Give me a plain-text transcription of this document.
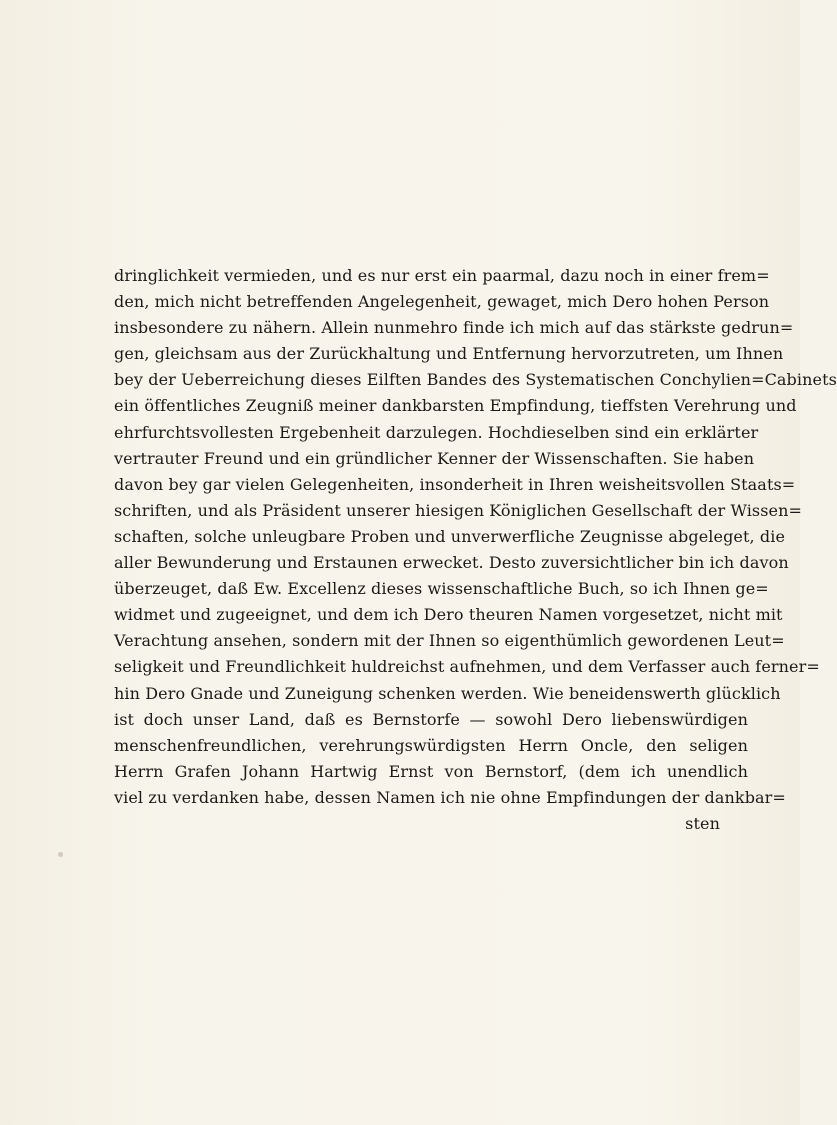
dringlichkeit vermieden, und es nur erst ein paarmal, dazu noch in einer frem=
den, mich nicht betreffenden Angelegenheit, gewaget, mich Dero hohen Person
insbesondere zu nähern. Allein nunmehro finde ich mich auf das stärkste gedrun=
gen, gleichsam aus der Zurückhaltung und Entfernung hervorzutreten, um Ihnen
bey der Ueberreichung dieses Eilften Bandes des Systematischen Conchylien=Cabinets
ein öffentliches Zeugniß meiner dankbarsten Empfindung, tieffsten Verehrung und
ehrfurchtsvollesten Ergebenheit darzulegen. Hochdieselben sind ein erklärter
vertrauter Freund und ein gründlicher Kenner der Wissenschaften. Sie haben
davon bey gar vielen Gelegenheiten, insonderheit in Ihren weisheitsvollen Staats=
schriften, und als Präsident unserer hiesigen Königlichen Gesellschaft der Wissen=
schaften, solche unleugbare Proben und unverwerfliche Zeugnisse abgeleget, die
aller Bewunderung und Erstaunen erwecket. Desto zuversichtlicher bin ich davon
überzeuget, daß Ew. Excellenz dieses wissenschaftliche Buch, so ich Ihnen ge=
widmet und zugeeignet, und dem ich Dero theuren Namen vorgesetzet, nicht mit
Verachtung ansehen, sondern mit der Ihnen so eigenthümlich gewordenen Leut=
seligkeit und Freundlichkeit huldreichst aufnehmen, und dem Verfasser auch ferner=
hin Dero Gnade und Zuneigung schenken werden. Wie beneidenswerth glücklich
ist doch unser Land, daß es Bernstorfe — sowohl Dero liebenswürdigen
menschenfreundlichen, verehrungswürdigsten Herrn Oncle, den seligen
Herrn Grafen Johann Hartwig Ernst von Bernstorf, (dem ich unendlich
viel zu verdanken habe, dessen Namen ich nie ohne Empfindungen der dankbar=
sten
